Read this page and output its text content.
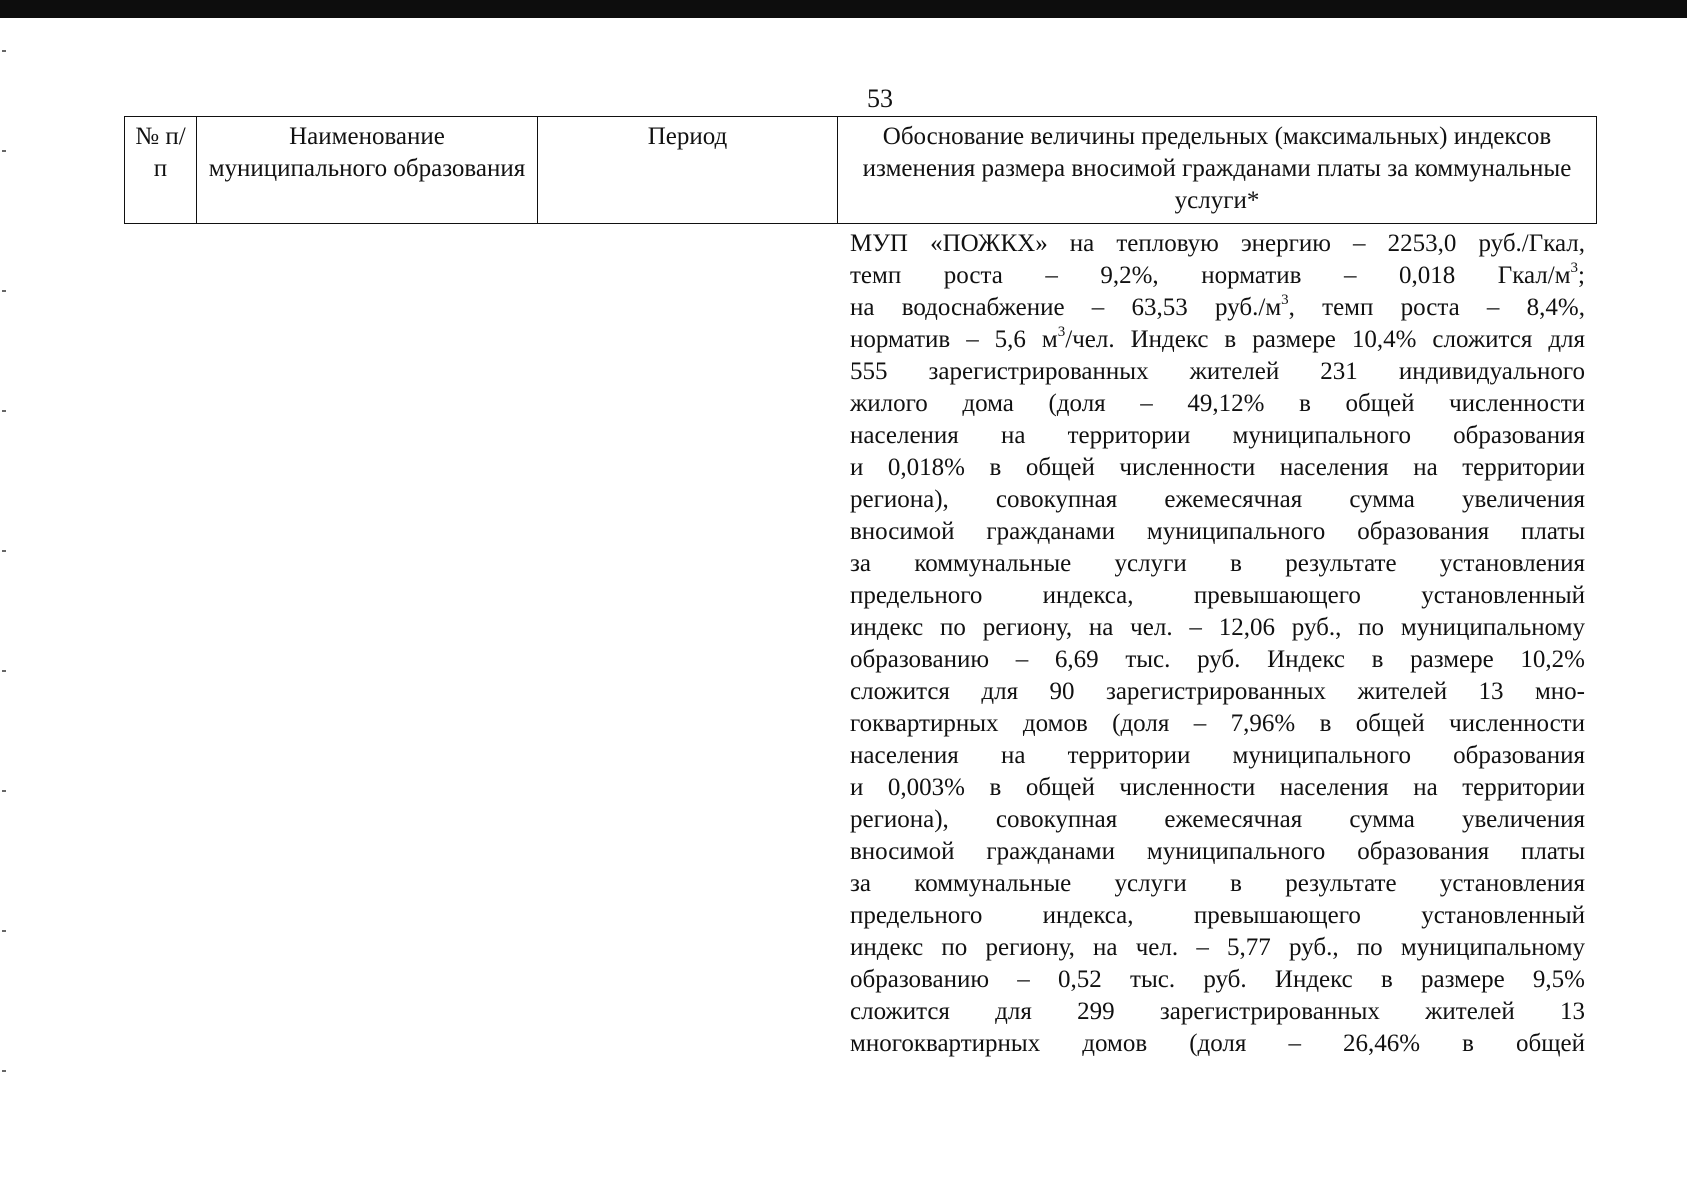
53
№ п/п	Наименование муниципального образования	Период	Обоснование величины предельных (максимальных) индексов изменения размера вносимой гражданами платы за коммунальные услуги*
МУП «ПОЖКХ» на тепловую энергию – 2253,0 руб./Гкал,
темп роста – 9,2%, норматив – 0,018 Гкал/$м^3$;
на водоснабжение – 63,53 $руб./м^3$, темп роста – 8,4%,
норматив – 5,6 $м^3$/чел. Индекс в размере 10,4% сложится для
555 зарегистрированных жителей 231 индивидуального
жилого дома (доля – 49,12% в общей численности
населения на территории муниципального образования
и 0,018% в общей численности населения на территории
региона), совокупная ежемесячная сумма увеличения
вносимой гражданами муниципального образования платы
за коммунальные услуги в результате установления
предельного индекса, превышающего установленный
индекс по региону, на чел. – 12,06 руб., по муниципальному
образованию – 6,69 тыс. руб. Индекс в размере 10,2%
сложится для 90 зарегистрированных жителей 13 мно-
гоквартирных домов (доля – 7,96% в общей численности
населения на территории муниципального образования
и 0,003% в общей численности населения на территории
региона), совокупная ежемесячная сумма увеличения
вносимой гражданами муниципального образования платы
за коммунальные услуги в результате установления
предельного индекса, превышающего установленный
индекс по региону, на чел. – 5,77 руб., по муниципальному
образованию – 0,52 тыс. руб. Индекс в размере 9,5%
сложится для 299 зарегистрированных жителей 13
многоквартирных домов (доля – 26,46% в общей
